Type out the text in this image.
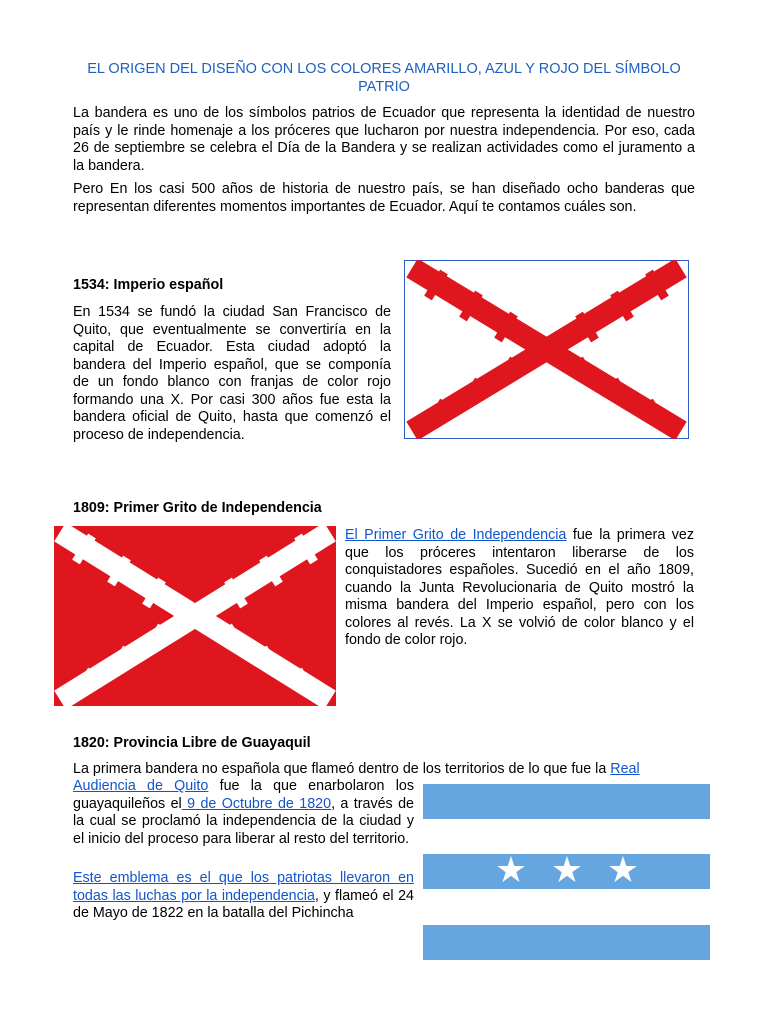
EL ORIGEN DEL DISEÑO CON LOS COLORES AMARILLO, AZUL Y ROJO DEL SÍMBOLO PATRIO
La bandera es uno de los símbolos patrios de Ecuador que representa la identidad de nuestro país y le rinde homenaje a los próceres que lucharon por nuestra independencia. Por eso, cada 26 de septiembre se celebra el Día de la Bandera y se realizan actividades como el juramento a la bandera.
Pero En los casi 500 años de historia de nuestro país, se han diseñado ocho banderas que representan diferentes momentos importantes de Ecuador. Aquí te contamos cuáles son.
1534: Imperio español
En 1534 se fundó la ciudad San Francisco de Quito, que eventualmente se convertiría en la capital de Ecuador. Esta ciudad adoptó la bandera del Imperio español, que se componía de un fondo blanco con franjas de color rojo formando una X. Por casi 300 años fue esta la bandera oficial de Quito, hasta que comenzó el proceso de independencia.
1809: Primer Grito de Independencia
El Primer Grito de Independencia fue la primera vez que los próceres intentaron liberarse de los conquistadores españoles. Sucedió en el año 1809, cuando la Junta Revolucionaria de Quito mostró la misma bandera del Imperio español, pero con los colores al revés. La X se volvió de color blanco y el fondo de color rojo.
1820: Provincia Libre de Guayaquil
La primera bandera no española que flameó dentro de los territorios de lo que fue la Real
Audiencia de Quito fue la que enarbolaron los guayaquileños el 9 de Octubre de 1820, a través de la cual se proclamó la independencia de la ciudad y el inicio del proceso para liberar al resto del territorio.
Este emblema es el que los patriotas llevaron en todas las luchas por la independencia, y flameó el 24 de Mayo de 1822 en la batalla del Pichincha
